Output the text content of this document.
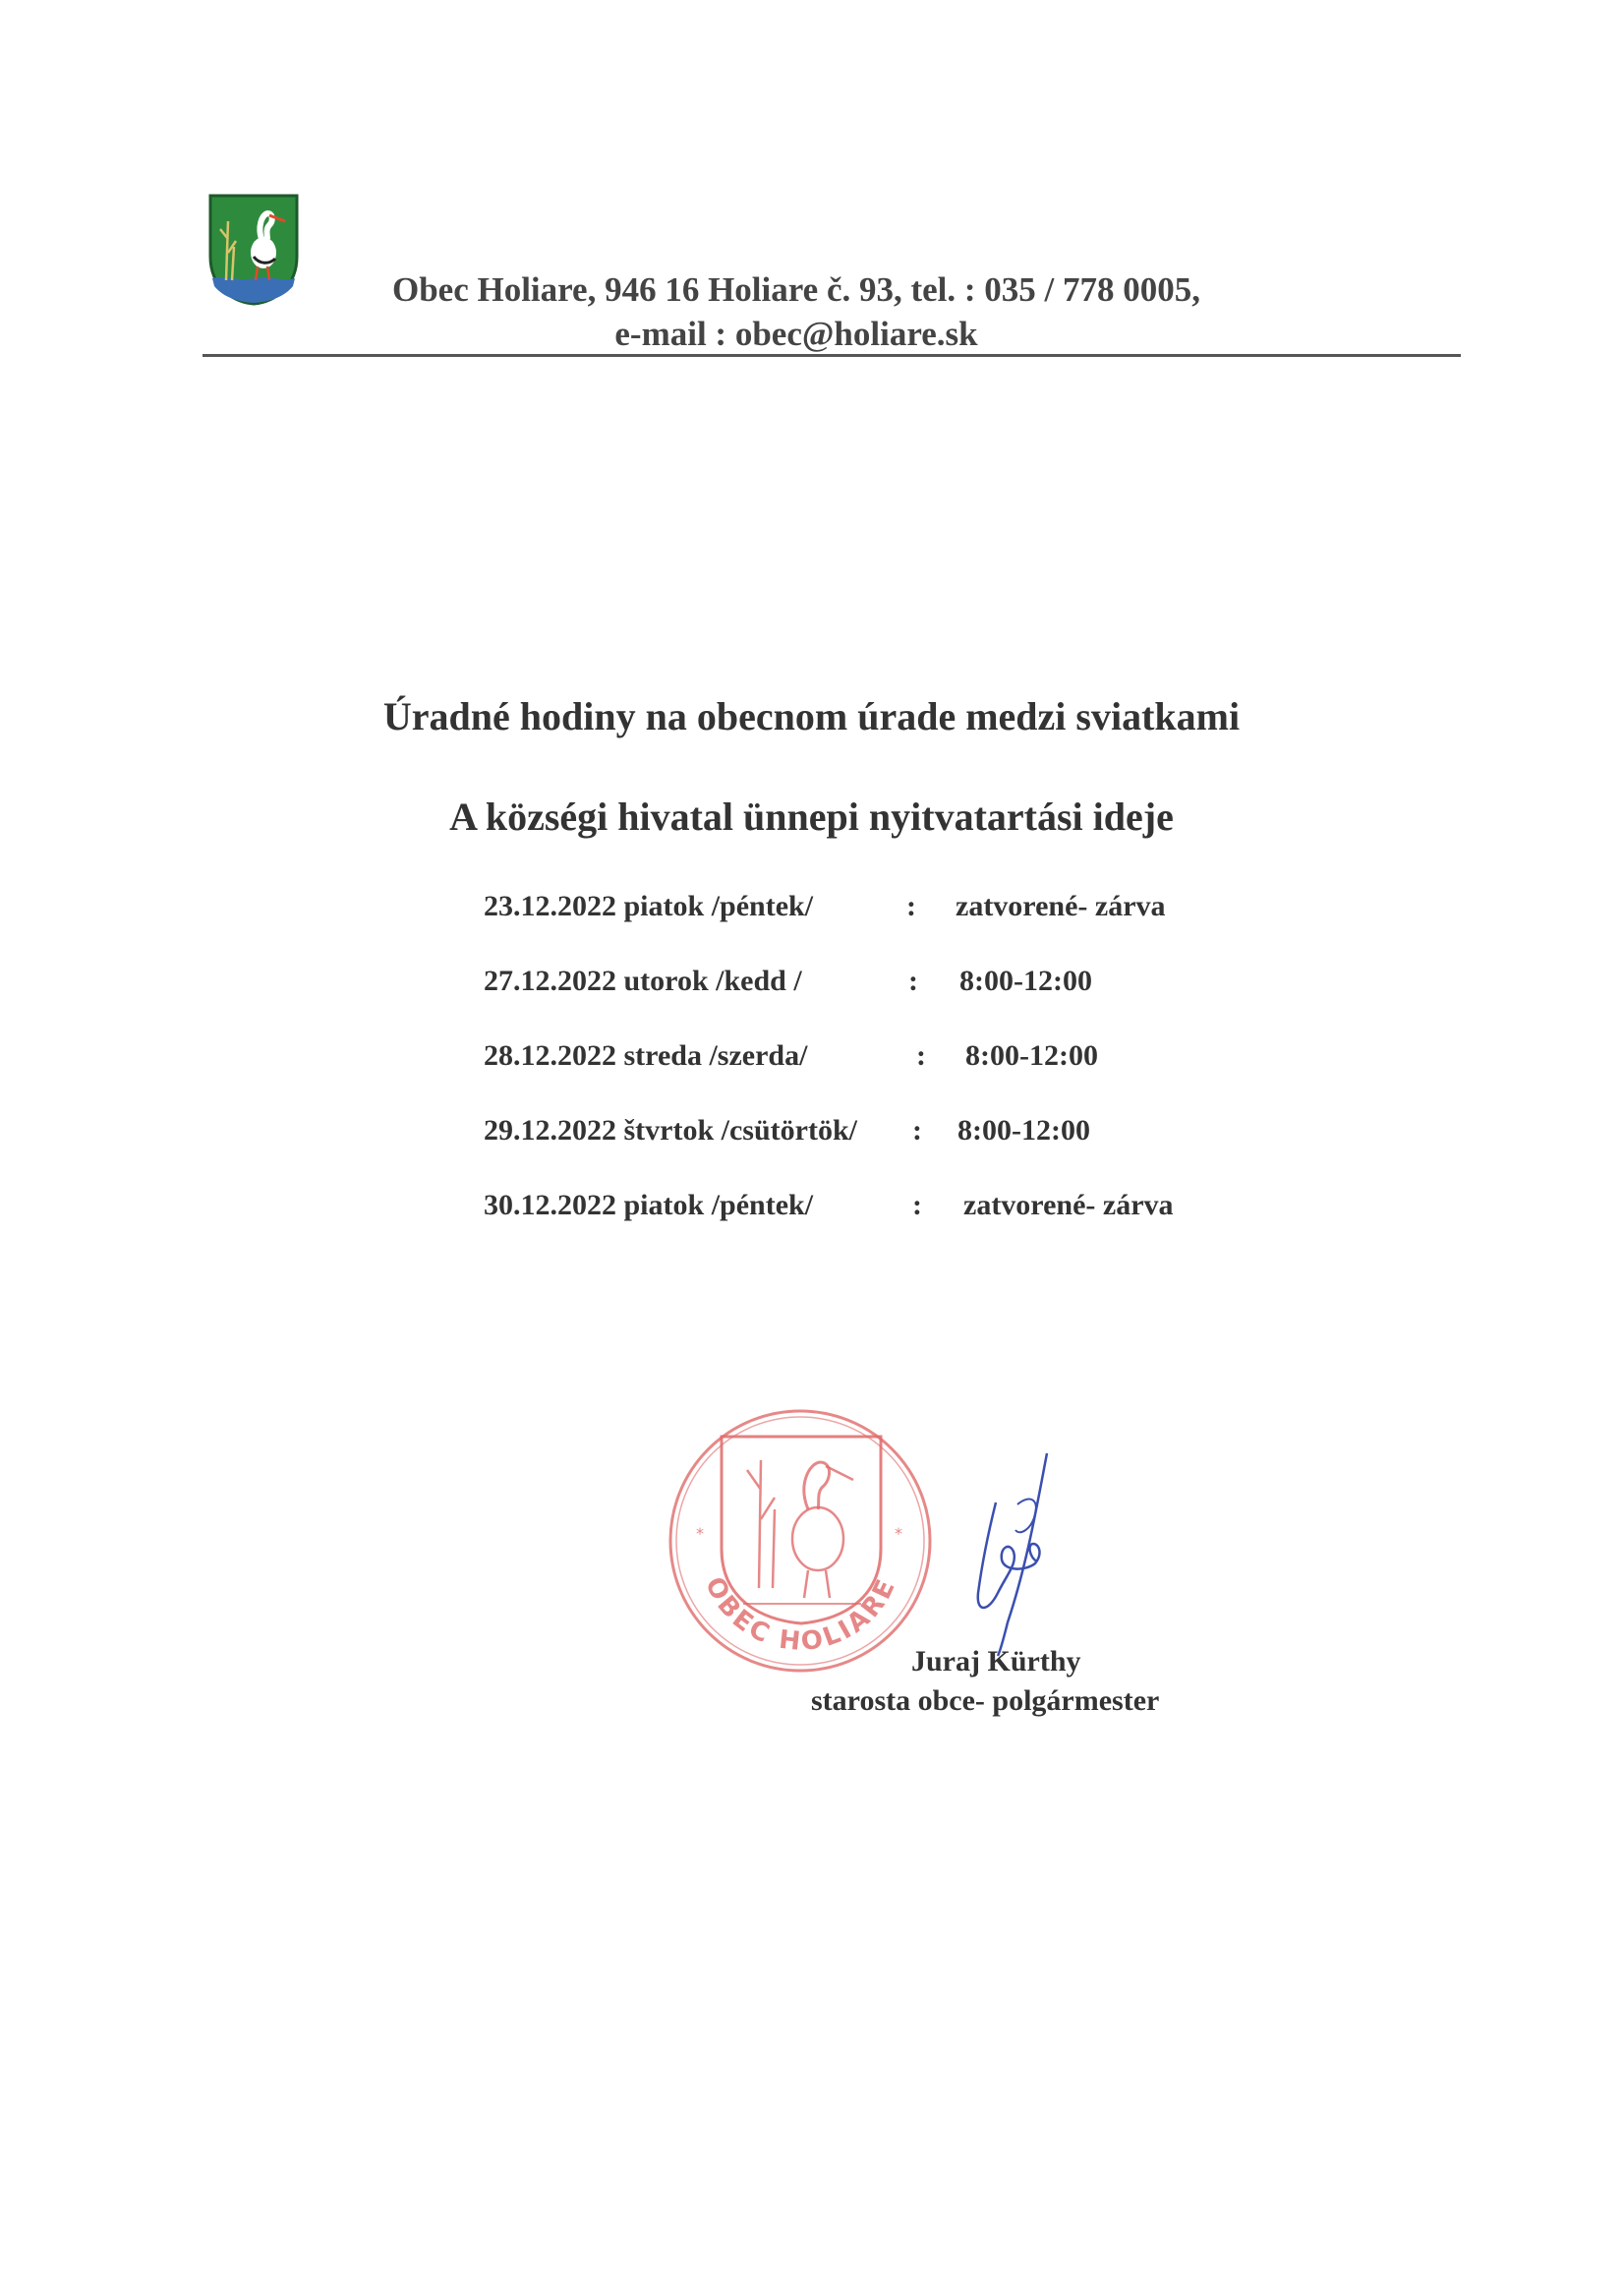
Obec Holiare, 946 16 Holiare č. 93, tel. : 035 / 778 0005,
e-mail : obec@holiare.sk
Úradné hodiny na obecnom úrade medzi sviatkami
A községi hivatal ünnepi nyitvatartási ideje
23.12.2022 piatok /péntek/	: zatvorené- zárva
27.12.2022 utorok /kedd /	: 8:00-12:00
28.12.2022 streda /szerda/	: 8:00-12:00
29.12.2022 štvrtok /csütörtök/ : 8:00-12:00
30.12.2022 piatok /péntek/	: zatvorené- zárva
*	*
OBEC HOLIARE
Juraj Kürthy
starosta obce- polgármester
